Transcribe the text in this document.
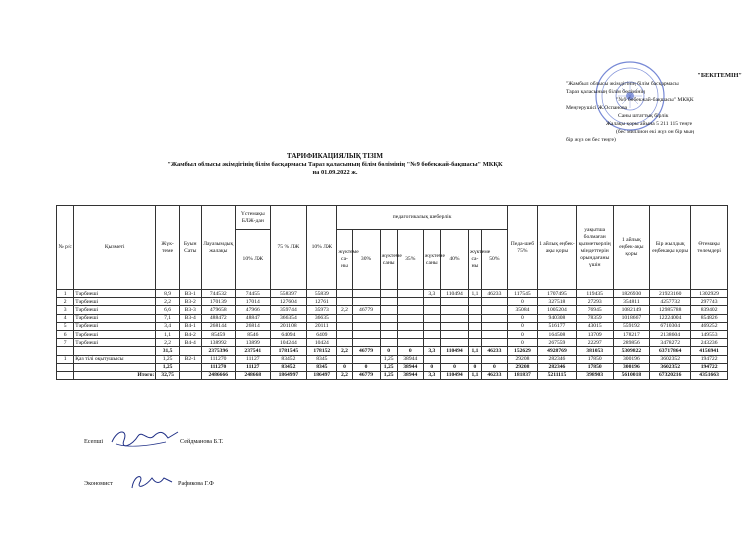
"БЕКІТЕМІН"
"Жамбыл облысы әкімдігінің білім басқармасы
Тараз қаласының білім бөлімінің
"№9 бөбекжай-бақшасы" МКҚК
Меңгерушісі Ж.Оспанова
Саны штаттық бірлік
Жалақы қоры айына 5 211 115 теңге
(бес миллион екі жүз он бір мың
бір жүз он бес теңге)
ТАРИФИКАЦИЯЛЫҚ ТІЗІМ
"Жамбыл облысы әкімдігінің білім басқармасы Тараз қаласының білім бөлімінің "№9 бөбекжай-бақшасы" МКҚК
на 01.09.2022 ж.
№ р/с	Қызметі	Жүк-теме	Буын Саты	Лауазымдық жалақы	Үстемақы БЛЖ-дан	75 % ЛЖ	10% ЛЖ	педагогикалық шеберлік								Педа-шеб 75%	1 айлық еңбек-ақы қоры	уақытша болмаған қызметкерлің міндеттерін орындағаны үшін	1 айлық еңбек-ақы қоры	Бір жылдық еңбекақы қоры	Өтемақы төлемдері
					10% ЛЖ			жүктеме са-ны	30%	жүктеме саны	35%	жүктеме саны	40%	жүктеме са-ны	50%						

1	Тәрбиеші	8,9	В3-1	744532	74455	558397	55839					3,3	110494	1,1	46233	117545	1707495	119435	1826930	21923160	1302929
2	Тәрбиеші	2,2	В3-2	170139	17014	127604	12761									0	327518	27293	354811	4257732	297743
3	Тәрбиеші	6,6	В3-3	479658	47966	359744	35973	2,2	46779							35084	1005204	76945	1082149	12985788	839402
4	Тәрбиеші	7,1	В3-4	488472	48847	366354	36635									0	940308	78359	1018667	12224004	854826
5	Тәрбиеші	3,4	В4-1	268144	26814	201108	20111									0	516177	43015	559192	6710304	469252
6	Тәрбиеші	1,1	В4-2	85459	8546	64094	6409									0	164508	13709	178217	2138604	149553
7	Тәрбиеші	2,2	В4-4	138992	13899	104244	10424									0	267559	22297	289856	3478272	243236
		31,5		2375396	237541	1781545	178152	2,2	46779	0	0	3,3	110494	1,1	46233	152629	4928769	381053	5309822	63717864	4156941
1	Қаз тілі оқытушысы	1,25	В2-1	111270	11127	83452	8345			1,25	38944					29208	282346	17850	300196	3602352	194722
		1,25		111270	11127	83452	8345	0	0	1,25	38944	0	0	0	0	29208	282346	17850	300196	3602352	194722
	Итого:	32,75		2486666	248668	1864997	186497	2,2	46779	1,25	38944	3,3	110494	1,1	46233	181837	5211115	398903	5610018	67320216	4351663
Есепші	Сейдманова Б.Т.
Экономист	Рафикова Г.Ф
